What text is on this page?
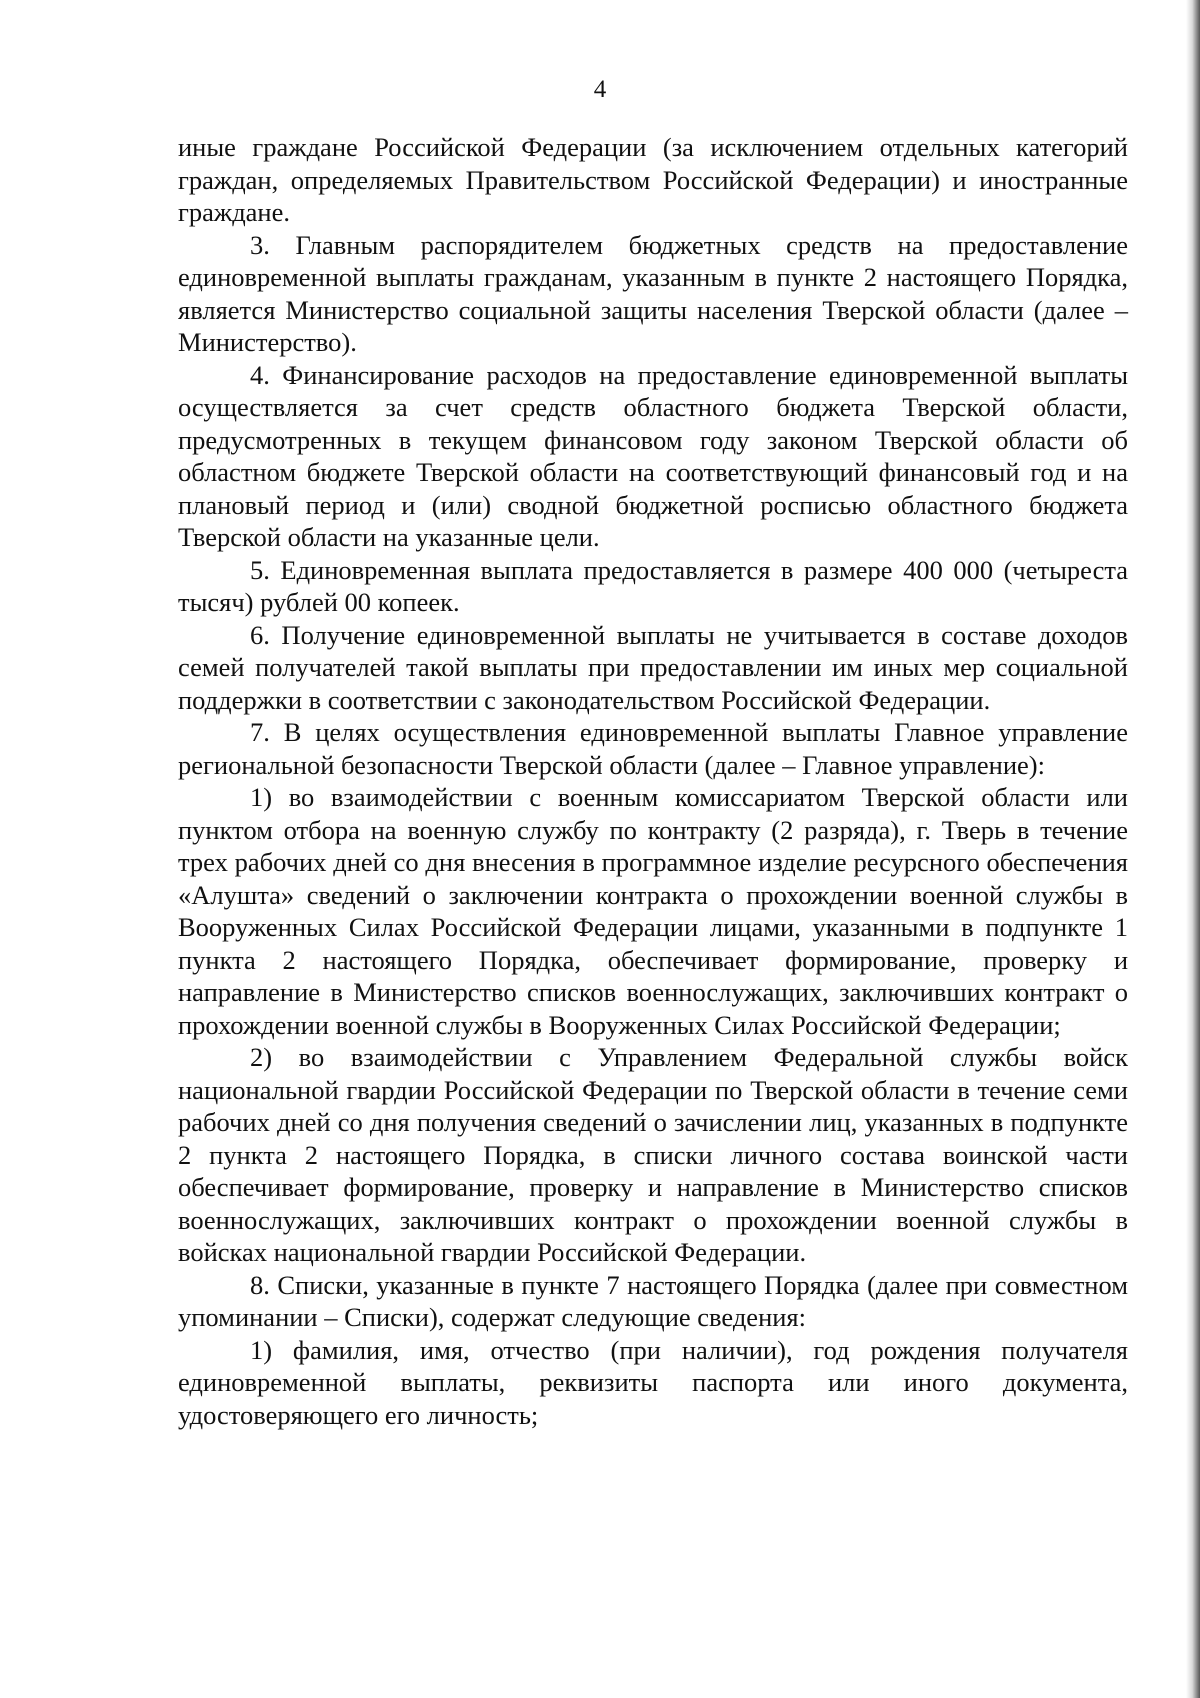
4

иные граждане Российской Федерации (за исключением отдельных категорий граждан, определяемых Правительством Российской Федерации) и иностранные граждане.

3. Главным распорядителем бюджетных средств на предоставление единовременной выплаты гражданам, указанным в пункте 2 настоящего Порядка, является Министерство социальной защиты населения Тверской области (далее – Министерство).

4. Финансирование расходов на предоставление единовременной выплаты осуществляется за счет средств областного бюджета Тверской области, предусмотренных в текущем финансовом году законом Тверской области об областном бюджете Тверской области на соответствующий финансовый год и на плановый период и (или) сводной бюджетной росписью областного бюджета Тверской области на указанные цели.

5. Единовременная выплата предоставляется в размере 400 000 (четыреста тысяч) рублей 00 копеек.

6. Получение единовременной выплаты не учитывается в составе доходов семей получателей такой выплаты при предоставлении им иных мер социальной поддержки в соответствии с законодательством Российской Федерации.

7. В целях осуществления единовременной выплаты Главное управление региональной безопасности Тверской области (далее – Главное управление):

1) во взаимодействии с военным комиссариатом Тверской области или пунктом отбора на военную службу по контракту (2 разряда), г. Тверь в течение трех рабочих дней со дня внесения в программное изделие ресурсного обеспечения «Алушта» сведений о заключении контракта о прохождении военной службы в Вооруженных Силах Российской Федерации лицами, указанными в подпункте 1 пункта 2 настоящего Порядка, обеспечивает формирование, проверку и направление в Министерство списков военнослужащих, заключивших контракт о прохождении военной службы в Вооруженных Силах Российской Федерации;

2) во взаимодействии с Управлением Федеральной службы войск национальной гвардии Российской Федерации по Тверской области в течение семи рабочих дней со дня получения сведений о зачислении лиц, указанных в подпункте 2 пункта 2 настоящего Порядка, в списки личного состава воинской части обеспечивает формирование, проверку и направление в Министерство списков военнослужащих, заключивших контракт о прохождении военной службы в войсках национальной гвардии Российской Федерации.

8. Списки, указанные в пункте 7 настоящего Порядка (далее при совместном упоминании – Списки), содержат следующие сведения:

1) фамилия, имя, отчество (при наличии), год рождения получателя единовременной выплаты, реквизиты паспорта или иного документа, удостоверяющего его личность;
